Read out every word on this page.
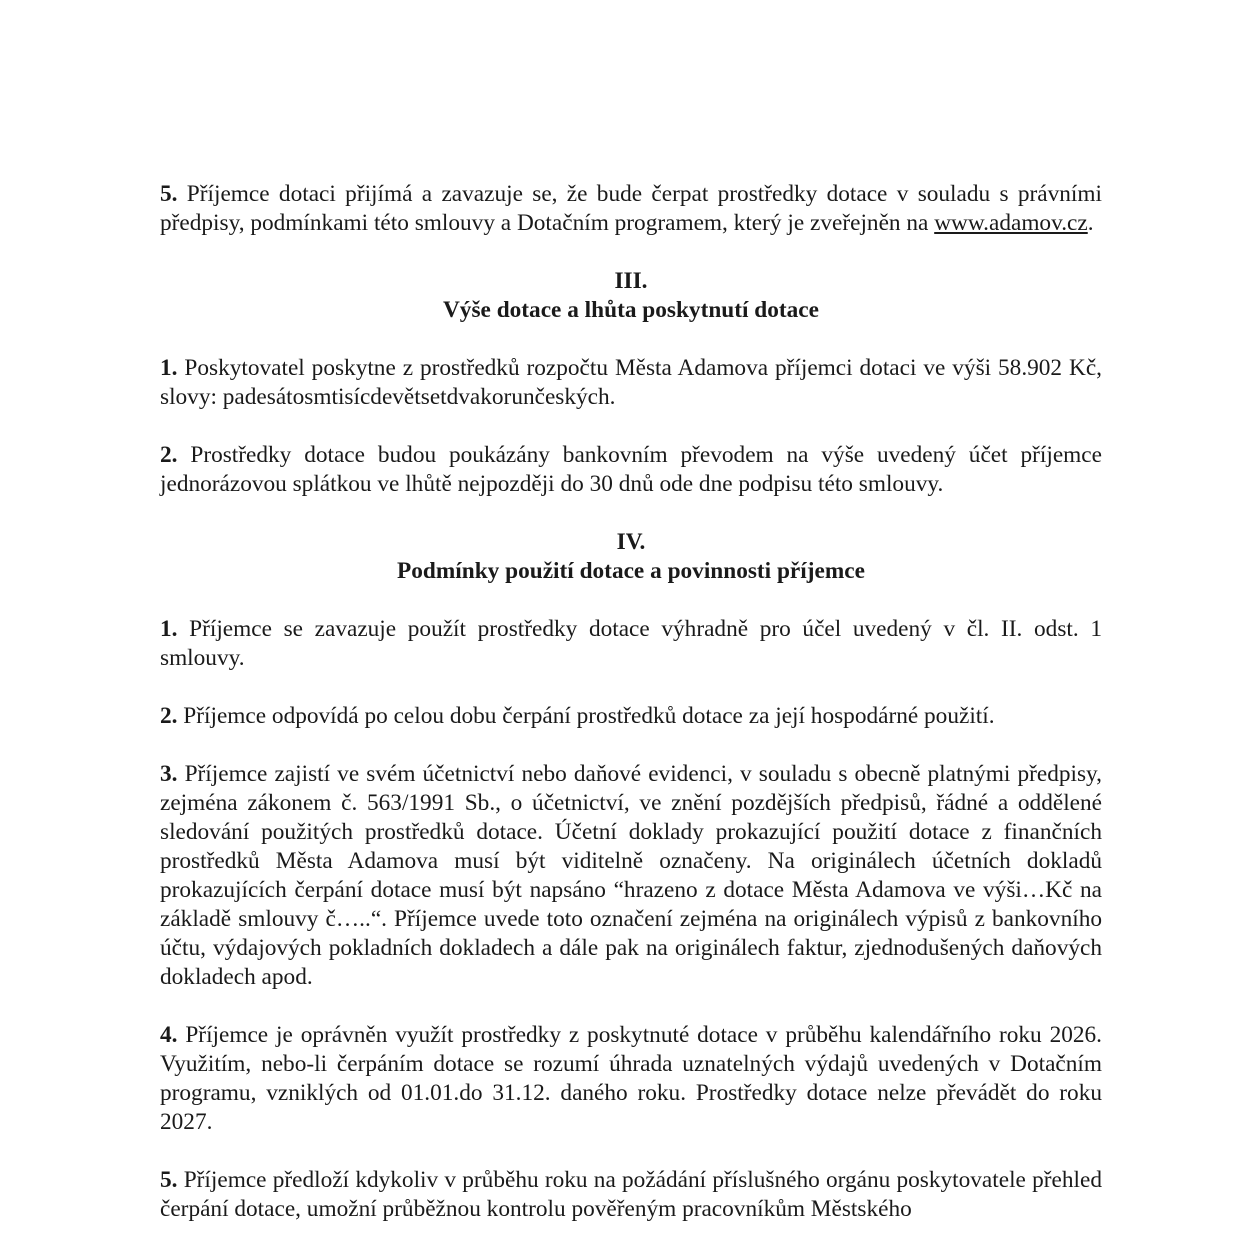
5. Příjemce dotaci přijímá a zavazuje se, že bude čerpat prostředky dotace v souladu s právními předpisy, podmínkami této smlouvy a Dotačním programem, který je zveřejněn na www.adamov.cz.

III.

Výše dotace a lhůta poskytnutí dotace

1. Poskytovatel poskytne z prostředků rozpočtu Města Adamova příjemci dotaci ve výši 58.902 Kč, slovy: padesátosmtisícdevětsetdvakorunčeských.

2. Prostředky dotace budou poukázány bankovním převodem na výše uvedený účet příjemce jednorázovou splátkou ve lhůtě nejpozději do 30 dnů ode dne podpisu této smlouvy.

IV.

Podmínky použití dotace a povinnosti příjemce

1. Příjemce se zavazuje použít prostředky dotace výhradně pro účel uvedený v čl. II. odst. 1 smlouvy.

2. Příjemce odpovídá po celou dobu čerpání prostředků dotace za její hospodárné použití.

3. Příjemce zajistí ve svém účetnictví nebo daňové evidenci, v souladu s obecně platnými předpisy, zejména zákonem č. 563/1991 Sb., o účetnictví, ve znění pozdějších předpisů, řádné a oddělené sledování použitých prostředků dotace. Účetní doklady prokazující použití dotace z finančních prostředků Města Adamova musí být viditelně označeny. Na originálech účetních dokladů prokazujících čerpání dotace musí být napsáno “hrazeno z dotace Města Adamova ve výši…Kč na základě smlouvy č…..“. Příjemce uvede toto označení zejména na originálech výpisů z bankovního účtu, výdajových pokladních dokladech a dále pak na originálech faktur, zjednodušených daňových dokladech apod.

4. Příjemce je oprávněn využít prostředky z poskytnuté dotace v průběhu kalendářního roku 2026. Využitím, nebo-li čerpáním dotace se rozumí úhrada uznatelných výdajů uvedených v Dotačním programu, vzniklých od 01.01.do 31.12. daného roku. Prostředky dotace nelze převádět do roku 2027.

5. Příjemce předloží kdykoliv v průběhu roku na požádání příslušného orgánu poskytovatele přehled čerpání dotace, umožní průběžnou kontrolu pověřeným pracovníkům Městského
